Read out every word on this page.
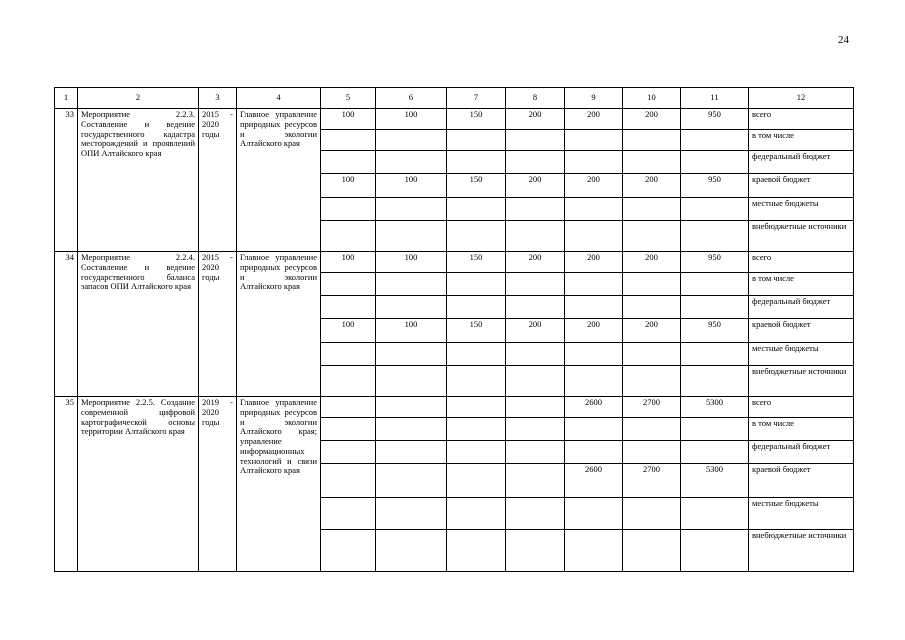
24
1	2	3	4	5	6	7	8	9	10	11	12
33	Мероприятие 2.2.3. Составление и ведение государственного кадастра месторождений и проявлений ОПИ Алтайского края	2015 - 2020 годы	Главное управление природных ресурсов и экологии Алтайского края	100	100	150	200	200	200	950	всего
											в том числе
											федеральный бюджет
				100	100	150	200	200	200	950	краевой бюджет
											местные бюджеты
											внебюджетные источники
34	Мероприятие 2.2.4. Составление и ведение государственного баланса запасов ОПИ Алтайского края	2015 - 2020 годы	Главное управление природных ресурсов и экологии Алтайского края	100	100	150	200	200	200	950	всего
											в том числе
											федеральный бюджет
				100	100	150	200	200	200	950	краевой бюджет
											местные бюджеты
											внебюджетные источники
35	Мероприятие 2.2.5. Создание современной цифровой картографической основы территории Алтайского края	2019 - 2020 годы	Главное управление природных ресурсов и экологии Алтайского края; управление информационных технологий и связи Алтайского края					2600	2700	5300	всего
											в том числе
											федеральный бюджет
								2600	2700	5300	краевой бюджет
											местные бюджеты
											внебюджетные источники
